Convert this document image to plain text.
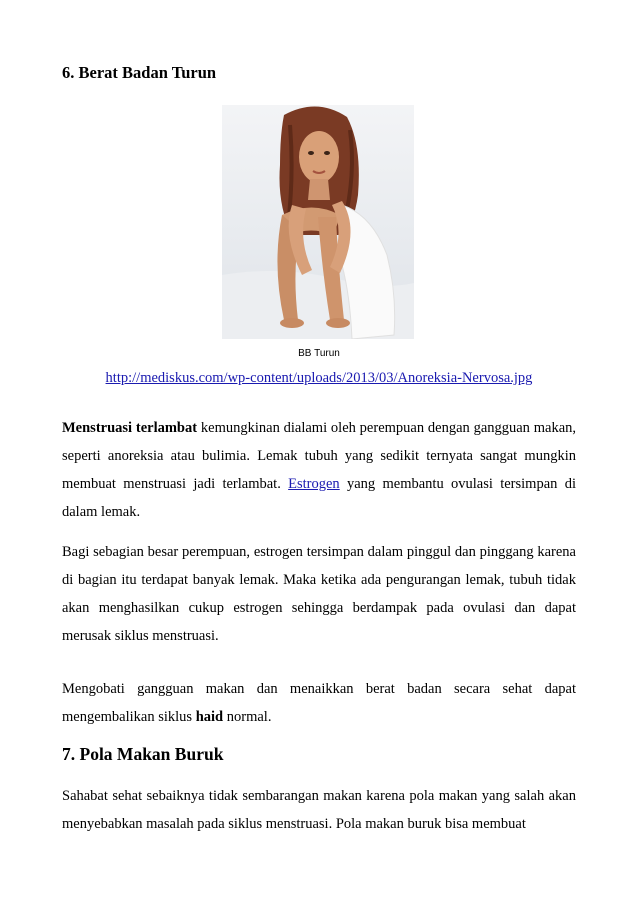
6. Berat Badan Turun
BB Turun
http://mediskus.com/wp-content/uploads/2013/03/Anoreksia-Nervosa.jpg

Menstruasi terlambat kemungkinan dialami oleh perempuan dengan gangguan makan, seperti anoreksia atau bulimia. Lemak tubuh yang sedikit ternyata sangat mungkin membuat menstruasi jadi terlambat. Estrogen yang membantu ovulasi tersimpan di dalam lemak.

Bagi sebagian besar perempuan, estrogen tersimpan dalam pinggul dan pinggang karena di bagian itu terdapat banyak lemak. Maka ketika ada pengurangan lemak, tubuh tidak akan menghasilkan cukup estrogen sehingga berdampak pada ovulasi dan dapat merusak siklus menstruasi.

Mengobati gangguan makan dan menaikkan berat badan secara sehat dapat mengembalikan siklus haid normal.

7. Pola Makan Buruk

Sahabat sehat sebaiknya tidak sembarangan makan karena pola makan yang salah akan menyebabkan masalah pada siklus menstruasi. Pola makan buruk bisa membuat
